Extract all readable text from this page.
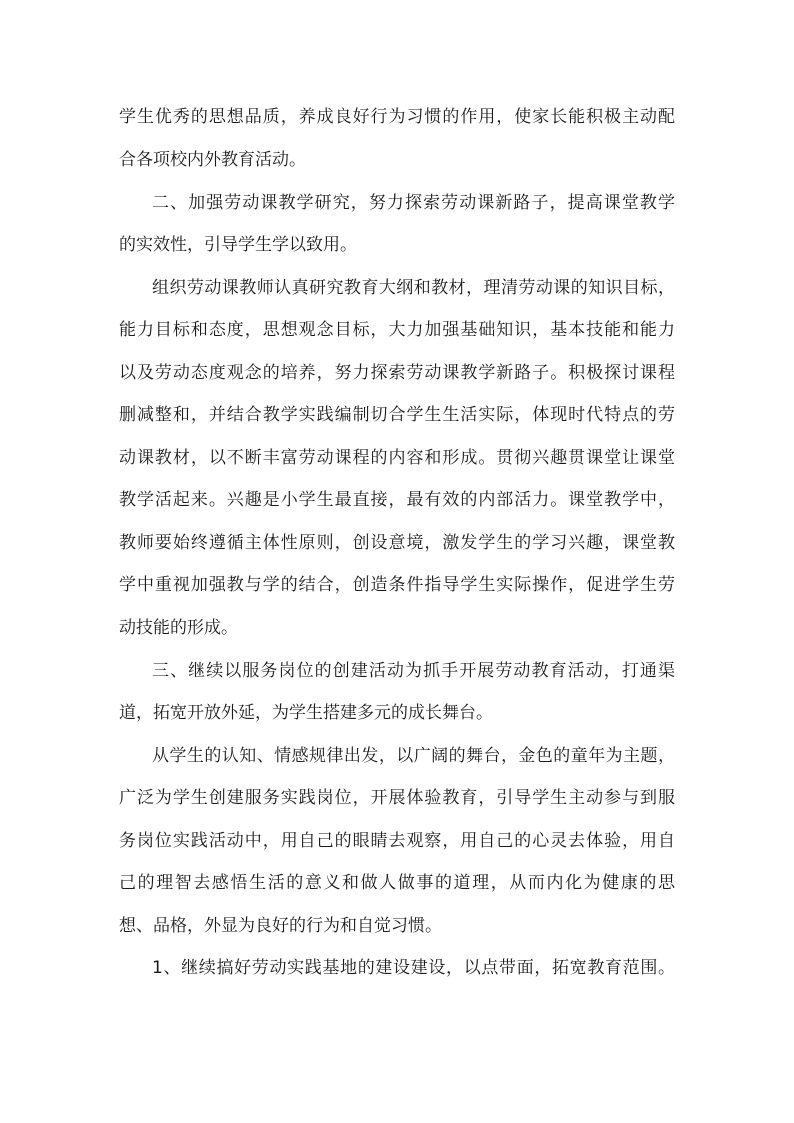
学生优秀的思想品质，养成良好行为习惯的作用，使家长能积极主动配
合各项校内外教育活动。
二、加强劳动课教学研究，努力探索劳动课新路子，提高课堂教学
的实效性，引导学生学以致用。
组织劳动课教师认真研究教育大纲和教材，理清劳动课的知识目标，
能力目标和态度，思想观念目标，大力加强基础知识，基本技能和能力
以及劳动态度观念的培养，努力探索劳动课教学新路子。积极探讨课程
删减整和，并结合教学实践编制切合学生生活实际，体现时代特点的劳
动课教材，以不断丰富劳动课程的内容和形成。贯彻兴趣贯课堂让课堂
教学活起来。兴趣是小学生最直接，最有效的内部活力。课堂教学中，
教师要始终遵循主体性原则，创设意境，激发学生的学习兴趣，课堂教
学中重视加强教与学的结合，创造条件指导学生实际操作，促进学生劳
动技能的形成。
三、继续以服务岗位的创建活动为抓手开展劳动教育活动，打通渠
道，拓宽开放外延，为学生搭建多元的成长舞台。
从学生的认知、情感规律出发，以广阔的舞台，金色的童年为主题，
广泛为学生创建服务实践岗位，开展体验教育，引导学生主动参与到服
务岗位实践活动中，用自己的眼睛去观察，用自己的心灵去体验，用自
己的理智去感悟生活的意义和做人做事的道理，从而内化为健康的思
想、品格，外显为良好的行为和自觉习惯。
1、继续搞好劳动实践基地的建设建设，以点带面，拓宽教育范围。
